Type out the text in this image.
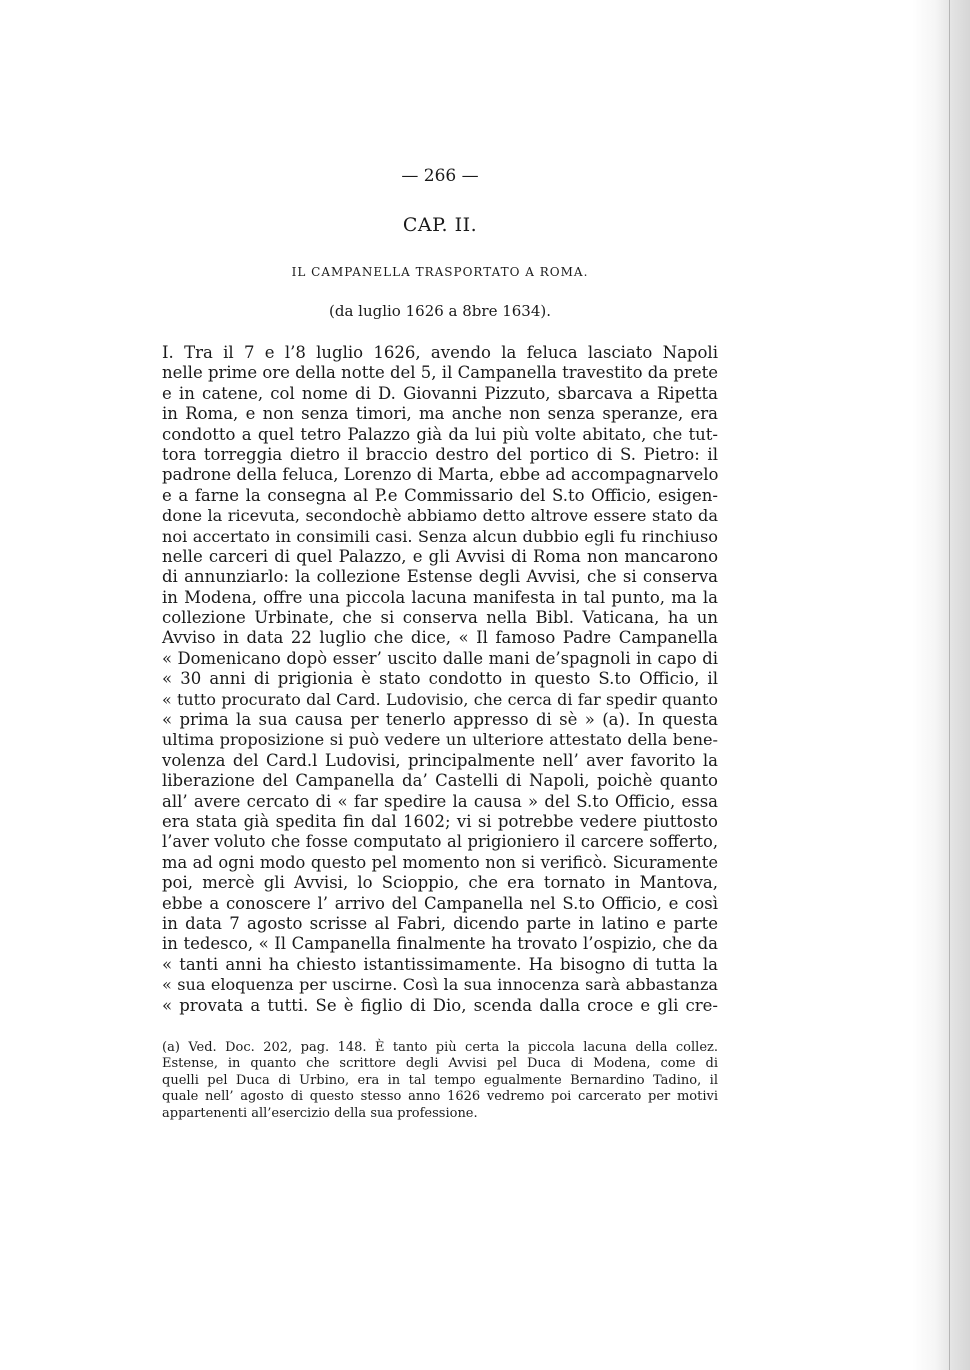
— 266 —
CAP. II.
IL CAMPANELLA TRASPORTATO A ROMA.
(da luglio 1626 a 8bre 1634).
I. Tra il 7 e l’8 luglio 1626, avendo la feluca lasciato Napoli
nelle prime ore della notte del 5, il Campanella travestito da prete
e in catene, col nome di D. Giovanni Pizzuto, sbarcava a Ripetta
in Roma, e non senza timori, ma anche non senza speranze, era
condotto a quel tetro Palazzo già da lui più volte abitato, che tut-
tora torreggia dietro il braccio destro del portico di S. Pietro: il
padrone della feluca, Lorenzo di Marta, ebbe ad accompagnarvelo
e a farne la consegna al P.e Commissario del S.to Officio, esigen-
done la ricevuta, secondochè abbiamo detto altrove essere stato da
noi accertato in consimili casi. Senza alcun dubbio egli fu rinchiuso
nelle carceri di quel Palazzo, e gli Avvisi di Roma non mancarono
di annunziarlo: la collezione Estense degli Avvisi, che si conserva
in Modena, offre una piccola lacuna manifesta in tal punto, ma la
collezione Urbinate, che si conserva nella Bibl. Vaticana, ha un
Avviso in data 22 luglio che dice, « Il famoso Padre Campanella
« Domenicano dopò esser’ uscito dalle mani de’spagnoli in capo di
« 30 anni di prigionia è stato condotto in questo S.to Officio, il
« tutto procurato dal Card. Ludovisio, che cerca di far spedir quanto
« prima la sua causa per tenerlo appresso di sè » (a). In questa
ultima proposizione si può vedere un ulteriore attestato della bene-
volenza del Card.l Ludovisi, principalmente nell’ aver favorito la
liberazione del Campanella da’ Castelli di Napoli, poichè quanto
all’ avere cercato di « far spedire la causa » del S.to Officio, essa
era stata già spedita fin dal 1602; vi si potrebbe vedere piuttosto
l’aver voluto che fosse computato al prigioniero il carcere sofferto,
ma ad ogni modo questo pel momento non si verificò. Sicuramente
poi, mercè gli Avvisi, lo Scioppio, che era tornato in Mantova,
ebbe a conoscere l’ arrivo del Campanella nel S.to Officio, e così
in data 7 agosto scrisse al Fabri, dicendo parte in latino e parte
in tedesco, « Il Campanella finalmente ha trovato l’ospizio, che da
« tanti anni ha chiesto istantissimamente. Ha bisogno di tutta la
« sua eloquenza per uscirne. Così la sua innocenza sarà abbastanza
« provata a tutti. Se è figlio di Dio, scenda dalla croce e gli cre-
(a) Ved. Doc. 202, pag. 148. È tanto più certa la piccola lacuna della collez.
Estense, in quanto che scrittore degli Avvisi pel Duca di Modena, come di
quelli pel Duca di Urbino, era in tal tempo egualmente Bernardino Tadino, il
quale nell’ agosto di questo stesso anno 1626 vedremo poi carcerato per motivi
appartenenti all’esercizio della sua professione.
